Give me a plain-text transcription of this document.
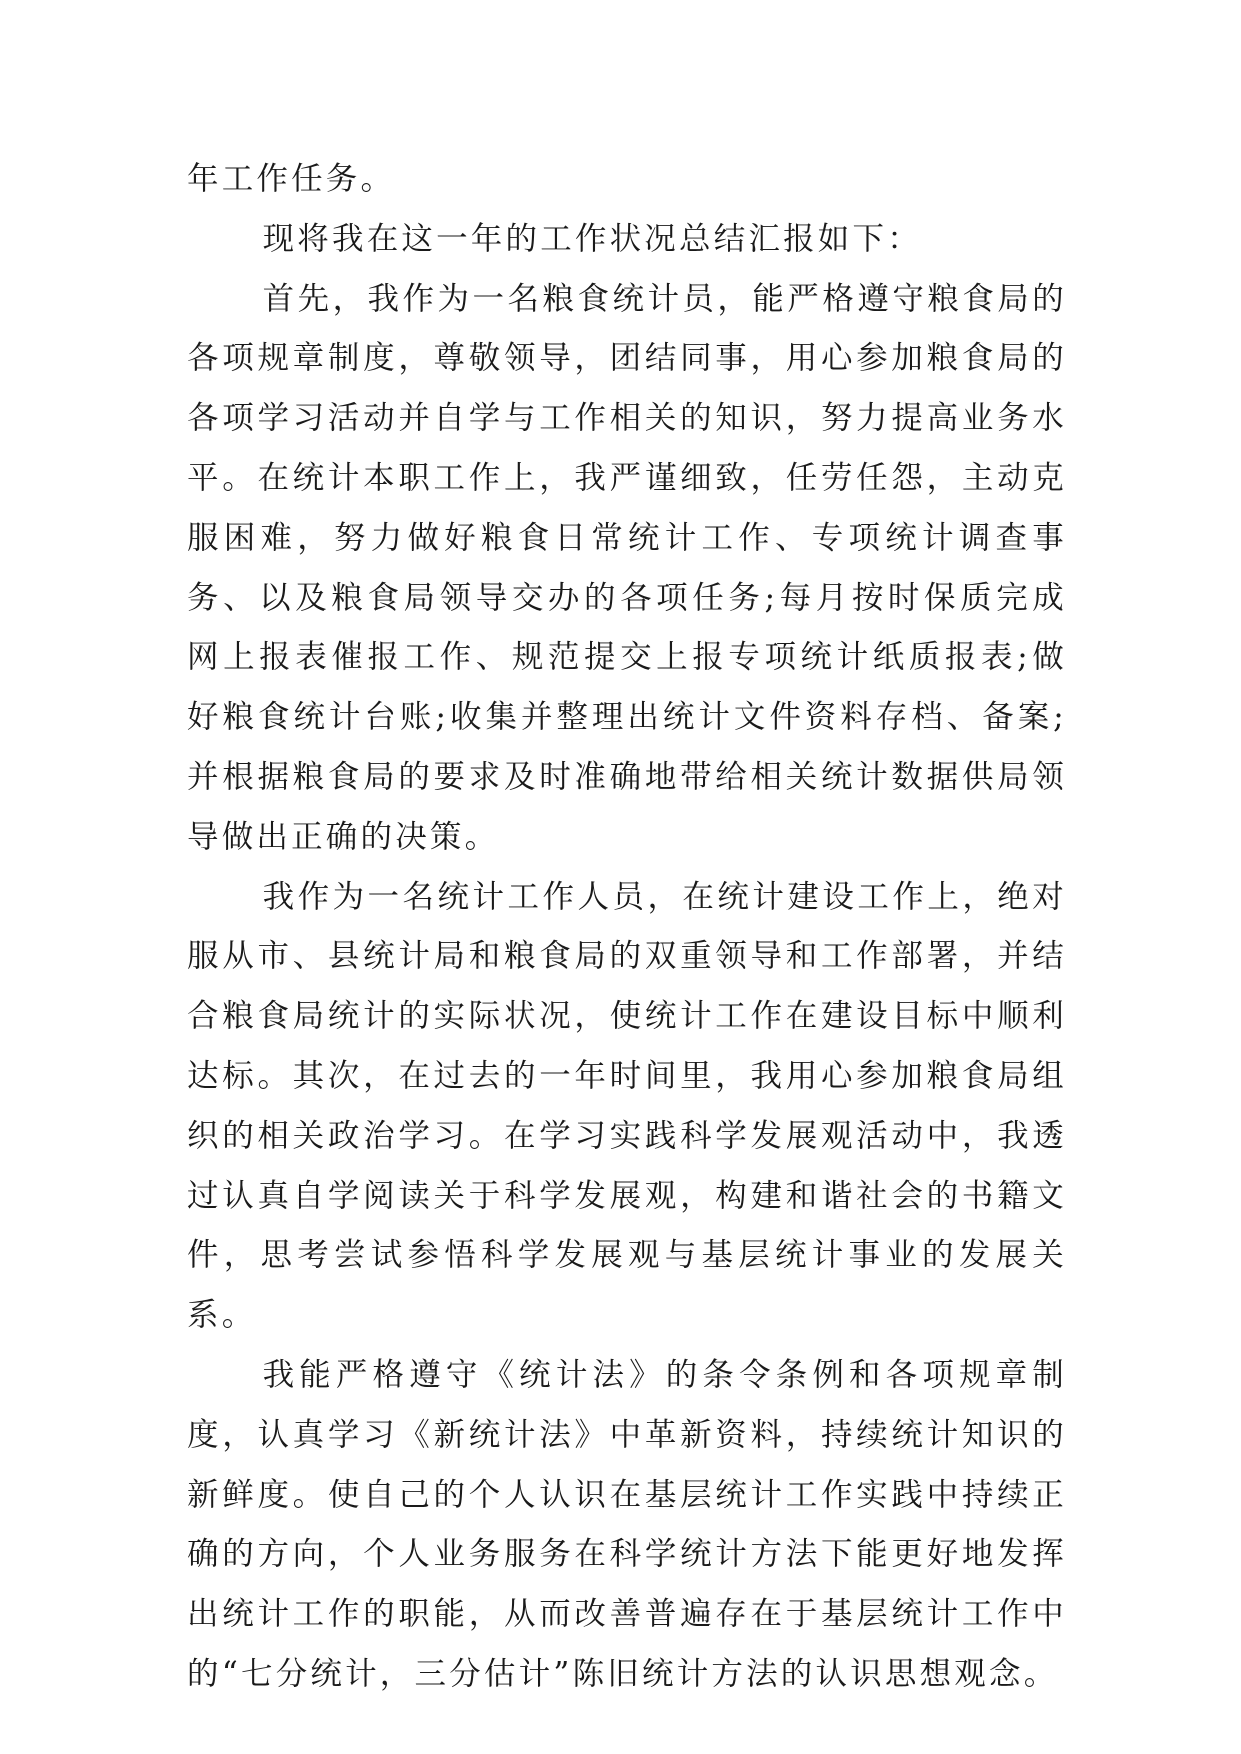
年工作任务。

现将我在这一年的工作状况总结汇报如下：

首先，我作为一名粮食统计员，能严格遵守粮食局的各项规章制度，尊敬领导，团结同事，用心参加粮食局的各项学习活动并自学与工作相关的知识，努力提高业务水平。在统计本职工作上，我严谨细致，任劳任怨，主动克服困难，努力做好粮食日常统计工作、专项统计调查事务、以及粮食局领导交办的各项任务;每月按时保质完成网上报表催报工作、规范提交上报专项统计纸质报表;做好粮食统计台账;收集并整理出统计文件资料存档、备案;并根据粮食局的要求及时准确地带给相关统计数据供局领导做出正确的决策。

我作为一名统计工作人员，在统计建设工作上，绝对服从市、县统计局和粮食局的双重领导和工作部署，并结合粮食局统计的实际状况，使统计工作在建设目标中顺利达标。其次，在过去的一年时间里，我用心参加粮食局组织的相关政治学习。在学习实践科学发展观活动中，我透过认真自学阅读关于科学发展观，构建和谐社会的书籍文件，思考尝试参悟科学发展观与基层统计事业的发展关系。

我能严格遵守《统计法》的条令条例和各项规章制度，认真学习《新统计法》中革新资料，持续统计知识的新鲜度。使自己的个人认识在基层统计工作实践中持续正确的方向，个人业务服务在科学统计方法下能更好地发挥出统计工作的职能，从而改善普遍存在于基层统计工作中的“七分统计，三分估计”陈旧统计方法的认识思想观念。
